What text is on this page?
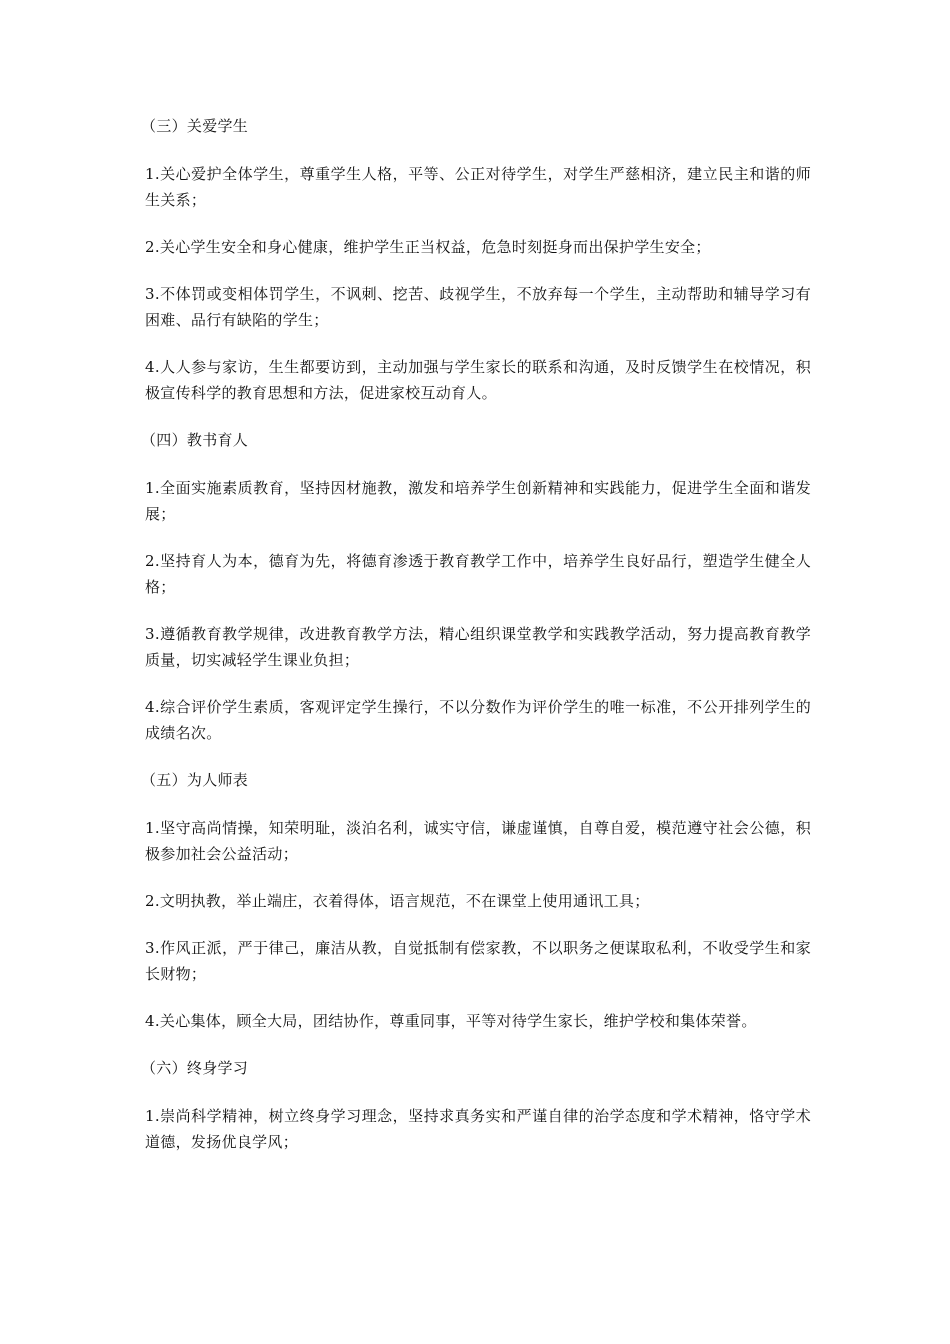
（三）关爱学生

1.关心爱护全体学生，尊重学生人格，平等、公正对待学生，对学生严慈相济，建立民主和谐的师生关系；

2.关心学生安全和身心健康，维护学生正当权益，危急时刻挺身而出保护学生安全；

3.不体罚或变相体罚学生，不讽刺、挖苦、歧视学生，不放弃每一个学生，主动帮助和辅导学习有困难、品行有缺陷的学生；

4.人人参与家访，生生都要访到，主动加强与学生家长的联系和沟通，及时反馈学生在校情况，积极宣传科学的教育思想和方法，促进家校互动育人。

（四）教书育人

1.全面实施素质教育，坚持因材施教，激发和培养学生创新精神和实践能力，促进学生全面和谐发展；

2.坚持育人为本，德育为先，将德育渗透于教育教学工作中，培养学生良好品行，塑造学生健全人格；

3.遵循教育教学规律，改进教育教学方法，精心组织课堂教学和实践教学活动，努力提高教育教学质量，切实减轻学生课业负担；

4.综合评价学生素质，客观评定学生操行，不以分数作为评价学生的唯一标准，不公开排列学生的成绩名次。

（五）为人师表

1.坚守高尚情操，知荣明耻，淡泊名利，诚实守信，谦虚谨慎，自尊自爱，模范遵守社会公德，积极参加社会公益活动；

2.文明执教，举止端庄，衣着得体，语言规范，不在课堂上使用通讯工具；

3.作风正派，严于律己，廉洁从教，自觉抵制有偿家教，不以职务之便谋取私利，不收受学生和家长财物；

4.关心集体，顾全大局，团结协作，尊重同事，平等对待学生家长，维护学校和集体荣誉。

（六）终身学习

1.崇尚科学精神，树立终身学习理念，坚持求真务实和严谨自律的治学态度和学术精神，恪守学术道德，发扬优良学风；
